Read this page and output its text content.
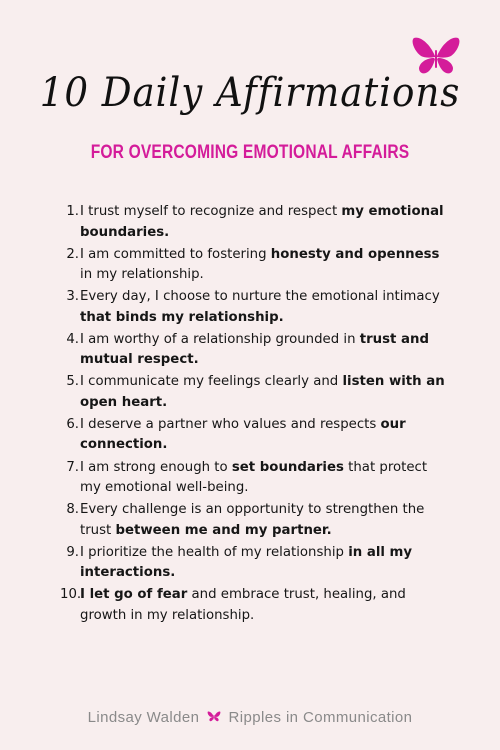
10 Daily Affirmations
FOR OVERCOMING EMOTIONAL AFFAIRS
1. I trust myself to recognize and respect my emotional boundaries.
2. I am committed to fostering honesty and openness in my relationship.
3. Every day, I choose to nurture the emotional intimacy that binds my relationship.
4. I am worthy of a relationship grounded in trust and mutual respect.
5. I communicate my feelings clearly and listen with an open heart.
6. I deserve a partner who values and respects our connection.
7. I am strong enough to set boundaries that protect my emotional well-being.
8. Every challenge is an opportunity to strengthen the trust between me and my partner.
9. I prioritize the health of my relationship in all my interactions.
10.
I let go of fear and embrace trust, healing, and growth in my relationship.
Lindsay Walden Ripples in Communication
